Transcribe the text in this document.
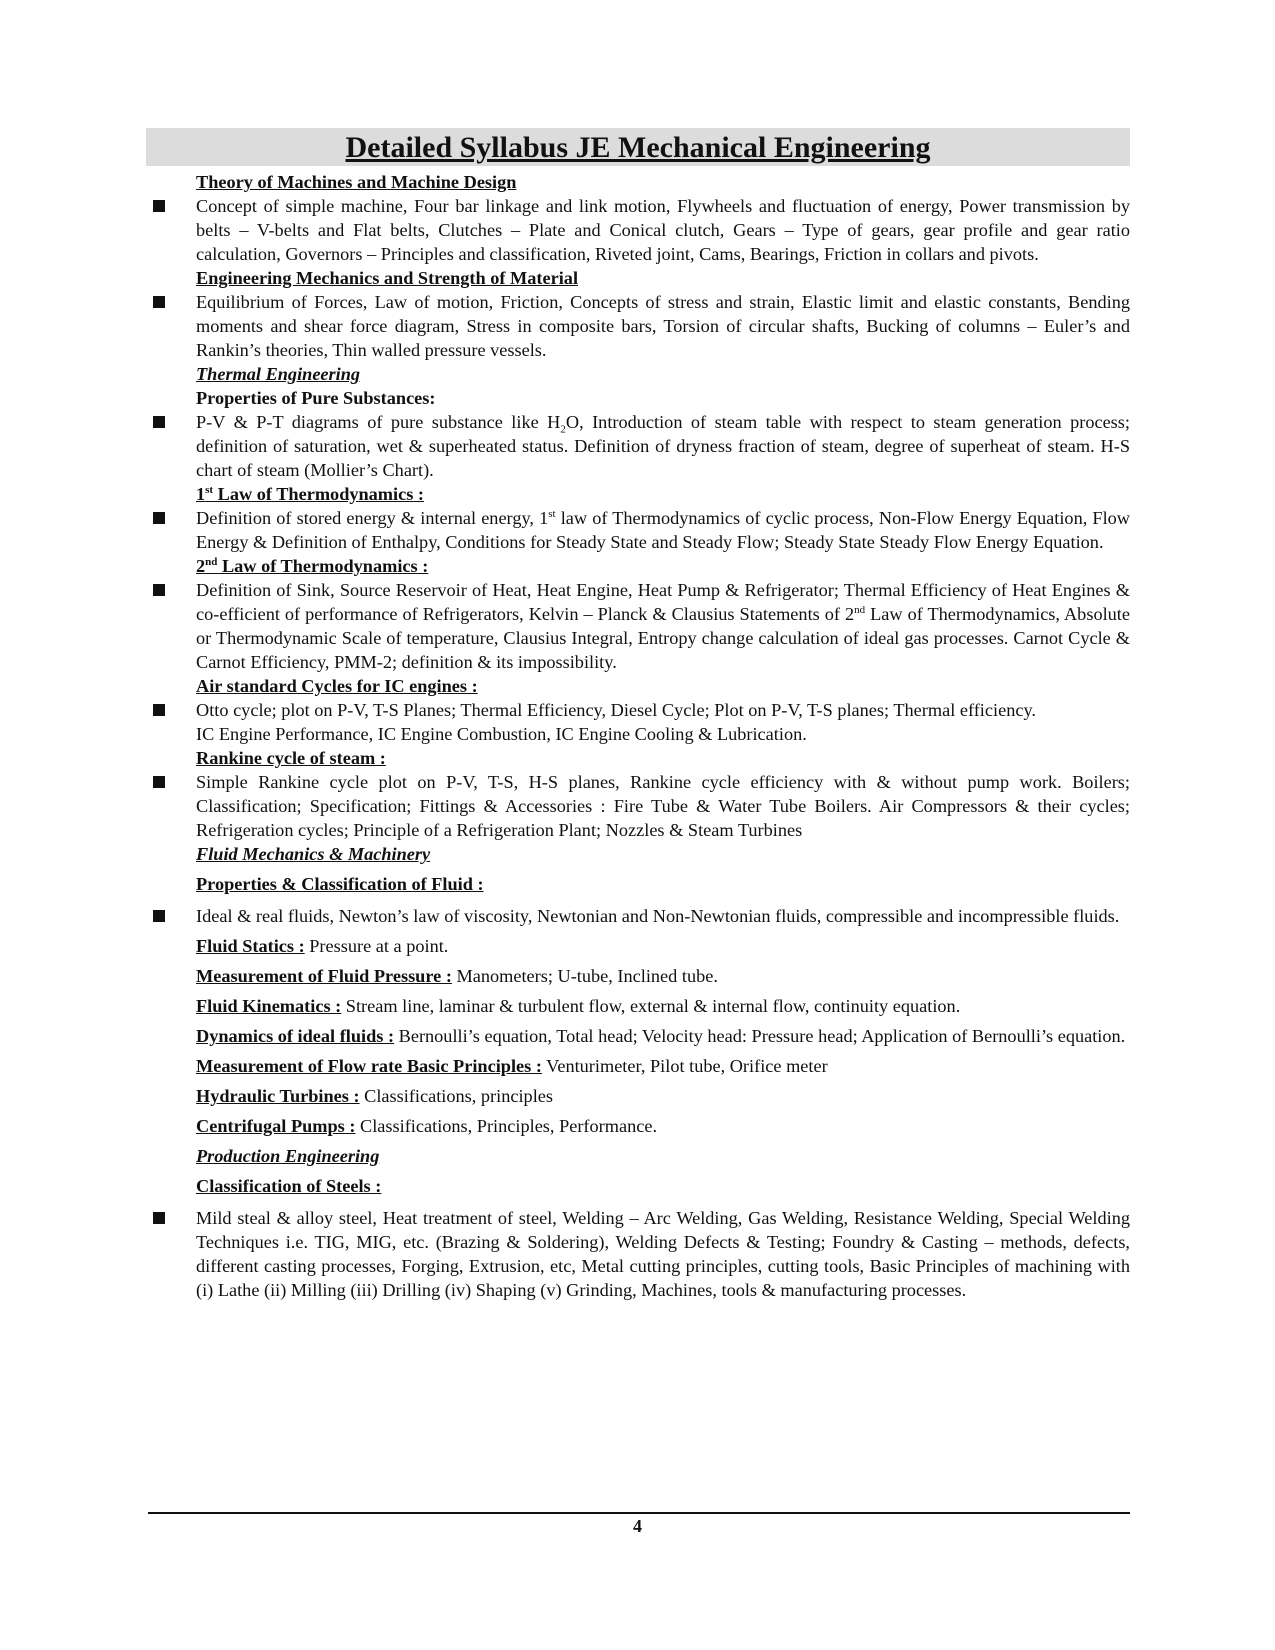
Detailed Syllabus JE Mechanical Engineering
Theory of Machines and Machine Design
Concept of simple machine, Four bar linkage and link motion, Flywheels and fluctuation of energy, Power transmission by belts – V-belts and Flat belts, Clutches – Plate and Conical clutch, Gears – Type of gears, gear profile and gear ratio calculation, Governors – Principles and classification, Riveted joint, Cams, Bearings, Friction in collars and pivots.
Engineering Mechanics and Strength of Material
Equilibrium of Forces, Law of motion, Friction, Concepts of stress and strain, Elastic limit and elastic constants, Bending moments and shear force diagram, Stress in composite bars, Torsion of circular shafts, Bucking of columns – Euler’s and Rankin’s theories, Thin walled pressure vessels.
Thermal Engineering
Properties of Pure Substances:
P-V & P-T diagrams of pure substance like $H_2O$, Introduction of steam table with respect to steam generation process; definition of saturation, wet & superheated status. Definition of dryness fraction of steam, degree of superheat of steam. H-S chart of steam (Mollier’s Chart).
1st Law of Thermodynamics :
Definition of stored energy & internal energy, 1st law of Thermodynamics of cyclic process, Non-Flow Energy Equation, Flow Energy & Definition of Enthalpy, Conditions for Steady State and Steady Flow; Steady State Steady Flow Energy Equation.
2nd Law of Thermodynamics :
Definition of Sink, Source Reservoir of Heat, Heat Engine, Heat Pump & Refrigerator; Thermal Efficiency of Heat Engines & co-efficient of performance of Refrigerators, Kelvin – Planck & Clausius Statements of 2nd Law of Thermodynamics, Absolute or Thermodynamic Scale of temperature, Clausius Integral, Entropy change calculation of ideal gas processes. Carnot Cycle & Carnot Efficiency, PMM-2; definition & its impossibility.
Air standard Cycles for IC engines :
Otto cycle; plot on P-V, T-S Planes; Thermal Efficiency, Diesel Cycle; Plot on P-V, T-S planes; Thermal efficiency.
IC Engine Performance, IC Engine Combustion, IC Engine Cooling & Lubrication.
Rankine cycle of steam :
Simple Rankine cycle plot on P-V, T-S, H-S planes, Rankine cycle efficiency with & without pump work. Boilers; Classification; Specification; Fittings & Accessories : Fire Tube & Water Tube Boilers. Air Compressors & their cycles; Refrigeration cycles; Principle of a Refrigeration Plant; Nozzles & Steam Turbines
Fluid Mechanics & Machinery
Properties & Classification of Fluid :
Ideal & real fluids, Newton’s law of viscosity, Newtonian and Non-Newtonian fluids, compressible and incompressible fluids.
Fluid Statics : Pressure at a point.
Measurement of Fluid Pressure : Manometers; U-tube, Inclined tube.
Fluid Kinematics : Stream line, laminar & turbulent flow, external & internal flow, continuity equation.
Dynamics of ideal fluids : Bernoulli’s equation, Total head; Velocity head: Pressure head; Application of Bernoulli’s equation.
Measurement of Flow rate Basic Principles : Venturimeter, Pilot tube, Orifice meter
Hydraulic Turbines : Classifications, principles
Centrifugal Pumps : Classifications, Principles, Performance.
Production Engineering
Classification of Steels :
Mild steal & alloy steel, Heat treatment of steel, Welding – Arc Welding, Gas Welding, Resistance Welding, Special Welding Techniques i.e. TIG, MIG, etc. (Brazing & Soldering), Welding Defects & Testing; Foundry & Casting – methods, defects, different casting processes, Forging, Extrusion, etc, Metal cutting principles, cutting tools, Basic Principles of machining with (i) Lathe (ii) Milling (iii) Drilling (iv) Shaping (v) Grinding, Machines, tools & manufacturing processes.
4
